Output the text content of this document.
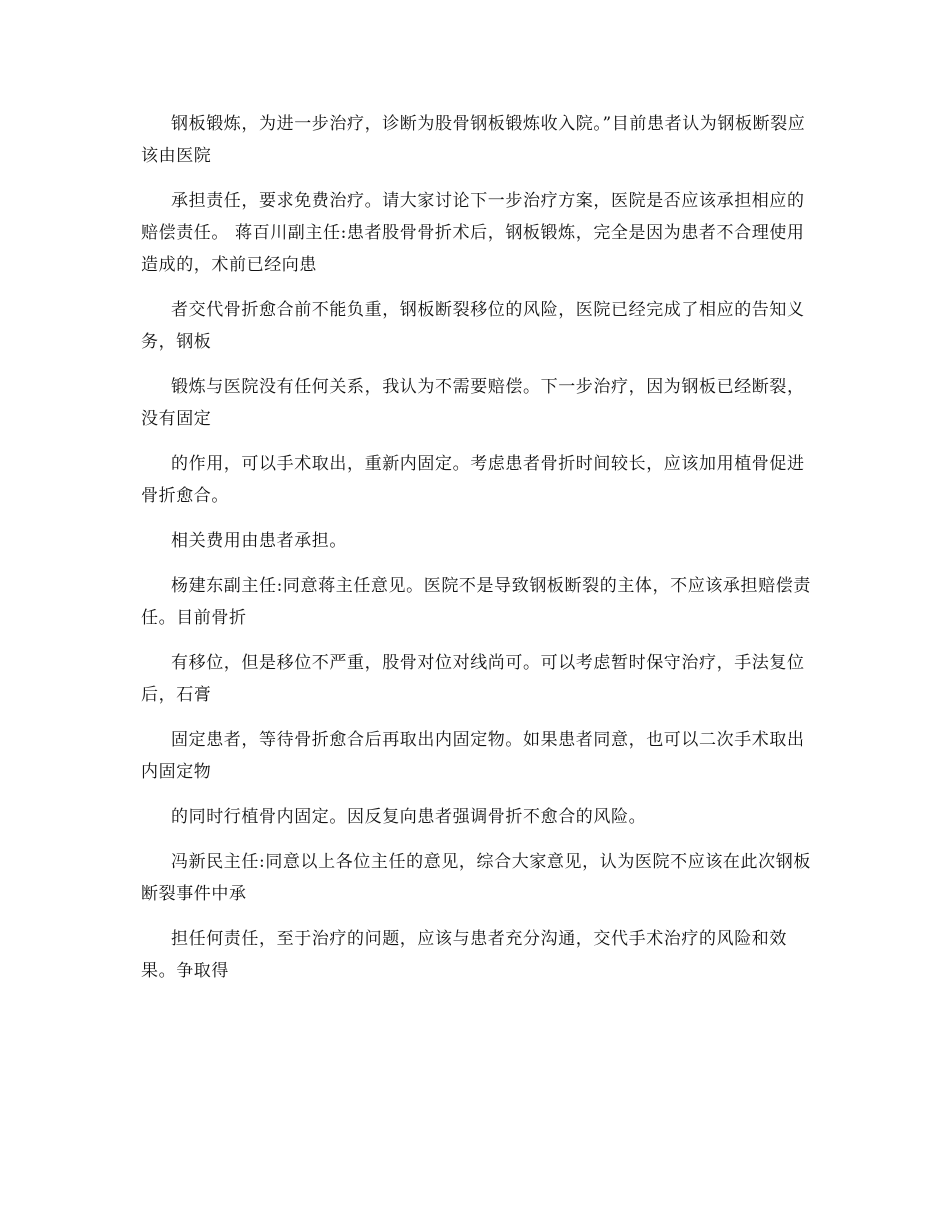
钢板锻炼，为进一步治疗，诊断为股骨钢板锻炼收入院。”目前患者认为钢板断裂应该由医院

承担责任，要求免费治疗。请大家讨论下一步治疗方案，医院是否应该承担相应的赔偿责任。 蒋百川副主任:患者股骨骨折术后，钢板锻炼，完全是因为患者不合理使用造成的，术前已经向患

者交代骨折愈合前不能负重，钢板断裂移位的风险，医院已经完成了相应的告知义务，钢板

锻炼与医院没有任何关系，我认为不需要赔偿。下一步治疗，因为钢板已经断裂，没有固定

的作用，可以手术取出，重新内固定。考虑患者骨折时间较长，应该加用植骨促进骨折愈合。

相关费用由患者承担。

杨建东副主任:同意蒋主任意见。医院不是导致钢板断裂的主体，不应该承担赔偿责任。目前骨折

有移位，但是移位不严重，股骨对位对线尚可。可以考虑暂时保守治疗，手法复位后，石膏

固定患者，等待骨折愈合后再取出内固定物。如果患者同意，也可以二次手术取出内固定物

的同时行植骨内固定。因反复向患者强调骨折不愈合的风险。

冯新民主任:同意以上各位主任的意见，综合大家意见，认为医院不应该在此次钢板断裂事件中承

担任何责任，至于治疗的问题，应该与患者充分沟通，交代手术治疗的风险和效果。争取得
